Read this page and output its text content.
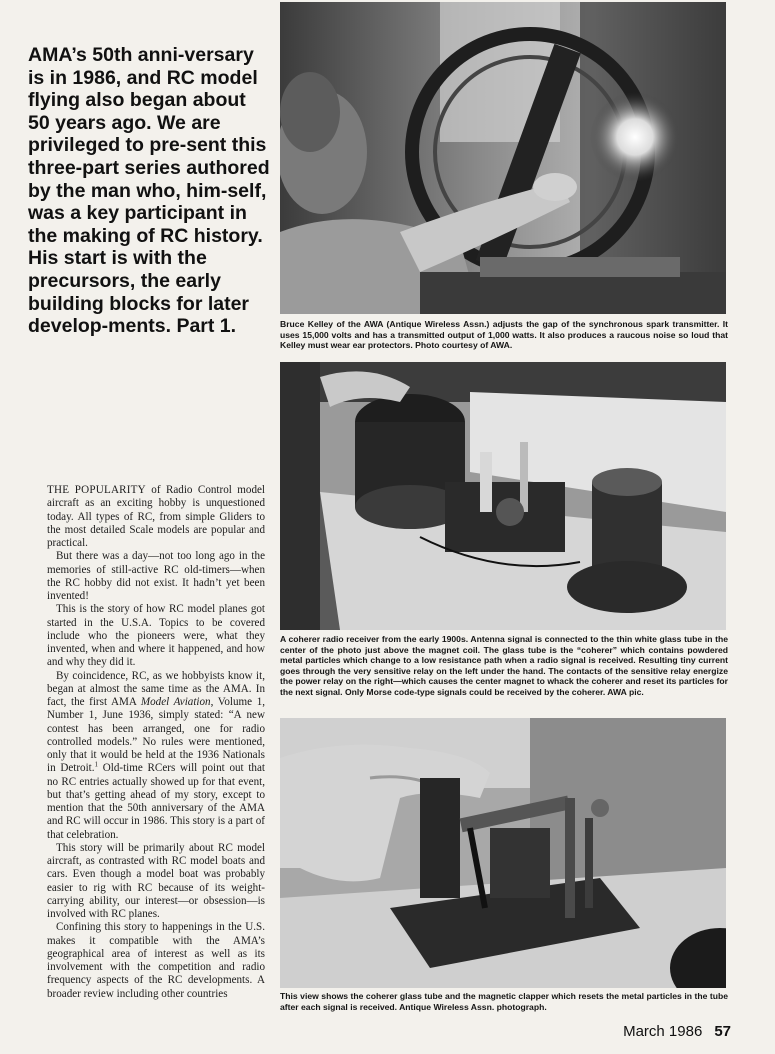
AMA’s 50th anni-versary is in 1986, and RC model flying also began about 50 years ago. We are privileged to pre-sent this three-part series authored by the man who, him-self, was a key participant in the making of RC history. His start is with the precursors, the early building blocks for later develop-ments. Part 1.

THE POPULARITY of Radio Control model aircraft as an exciting hobby is unquestioned today. All types of RC, from simple Gliders to the most detailed Scale models are popular and practical.

But there was a day—not too long ago in the memories of still-active RC old-timers—when the RC hobby did not exist. It hadn’t yet been invented!

This is the story of how RC model planes got started in the U.S.A. Topics to be covered include who the pioneers were, what they invented, when and where it happened, and how and why they did it.

By coincidence, RC, as we hobbyists know it, began at almost the same time as the AMA. In fact, the first AMA Model Aviation, Volume 1, Number 1, June 1936, simply stated: “A new contest has been arranged, one for radio controlled models.” No rules were mentioned, only that it would be held at the 1936 Nationals in Detroit.$^1$ Old-time RCers will point out that no RC entries actually showed up for that event, but that’s getting ahead of my story, except to mention that the 50th anniversary of the AMA and RC will occur in 1986. This story is a part of that celebration.

This story will be primarily about RC model aircraft, as contrasted with RC model boats and cars. Even though a model boat was probably easier to rig with RC because of its weight-carrying ability, our interest—or obsession—is involved with RC planes.

Confining this story to happenings in the U.S. makes it compatible with the AMA’s geographical area of interest as well as its involvement with the competition and radio frequency aspects of the RC developments. A broader review including other countries

Bruce Kelley of the AWA (Antique Wireless Assn.) adjusts the gap of the synchronous spark transmitter. It uses 15,000 volts and has a transmitted output of 1,000 watts. It also produces a raucous noise so loud that Kelley must wear ear protectors. Photo courtesy of AWA.

A coherer radio receiver from the early 1900s. Antenna signal is connected to the thin white glass tube in the center of the photo just above the magnet coil. The glass tube is the “coherer” which contains powdered metal particles which change to a low resistance path when a radio signal is received. Resulting tiny current goes through the very sensitive relay on the left under the hand. The contacts of the sensitive relay energize the power relay on the right—which causes the center magnet to whack the coherer and reset its particles for the next signal. Only Morse code-type signals could be received by the coherer. AWA pic.

This view shows the coherer glass tube and the magnetic clapper which resets the metal particles in the tube after each signal is received. Antique Wireless Assn. photograph.

March 1986 57
